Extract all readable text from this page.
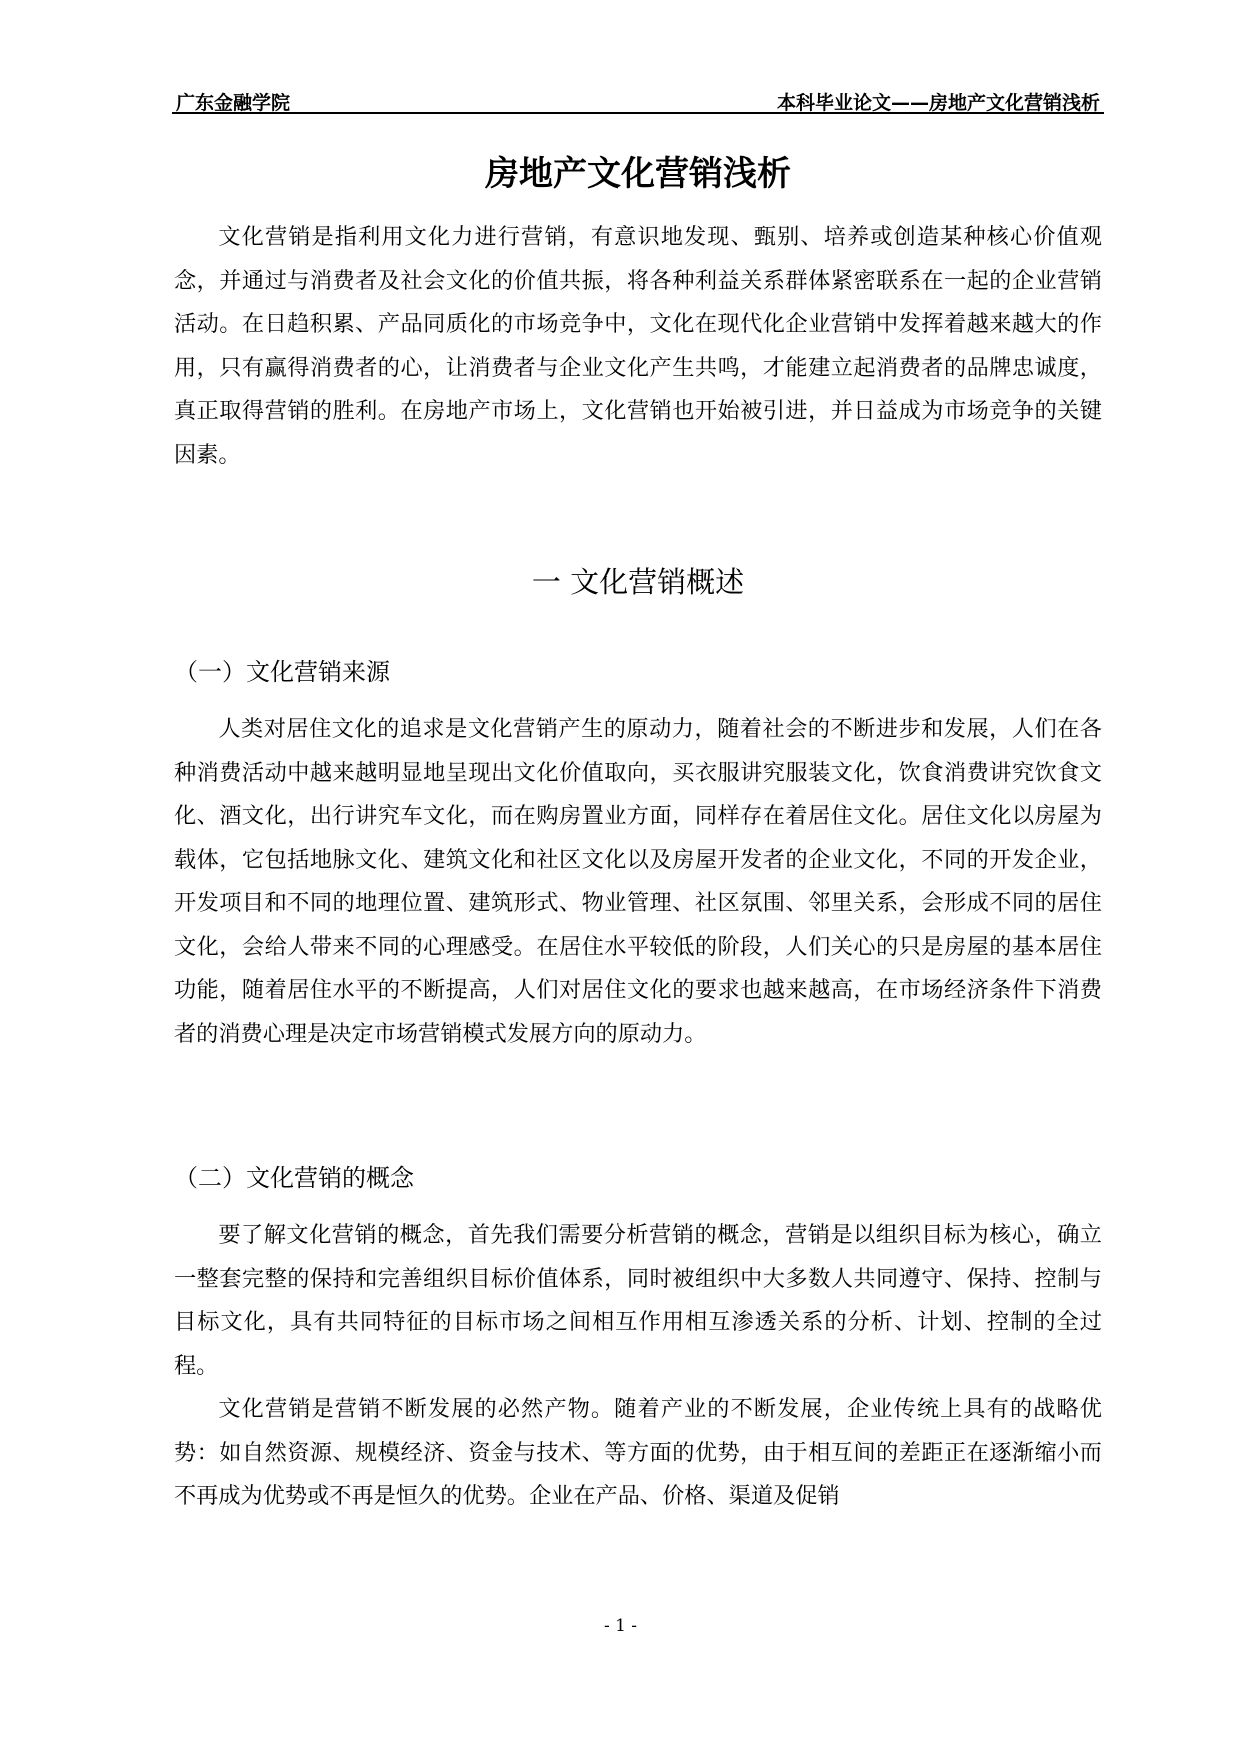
广东金融学院	本科毕业论文——房地产文化营销浅析
房地产文化营销浅析

文化营销是指利用文化力进行营销，有意识地发现、甄别、培养或创造某种核心价值观念，并通过与消费者及社会文化的价值共振，将各种利益关系群体紧密联系在一起的企业营销活动。在日趋积累、产品同质化的市场竞争中，文化在现代化企业营销中发挥着越来越大的作用，只有赢得消费者的心，让消费者与企业文化产生共鸣，才能建立起消费者的品牌忠诚度，真正取得营销的胜利。在房地产市场上，文化营销也开始被引进，并日益成为市场竞争的关键因素。

一 文化营销概述
（一）文化营销来源

人类对居住文化的追求是文化营销产生的原动力，随着社会的不断进步和发展，人们在各种消费活动中越来越明显地呈现出文化价值取向，买衣服讲究服装文化，饮食消费讲究饮食文化、酒文化，出行讲究车文化，而在购房置业方面，同样存在着居住文化。居住文化以房屋为载体，它包括地脉文化、建筑文化和社区文化以及房屋开发者的企业文化，不同的开发企业，开发项目和不同的地理位置、建筑形式、物业管理、社区氛围、邻里关系，会形成不同的居住文化，会给人带来不同的心理感受。在居住水平较低的阶段，人们关心的只是房屋的基本居住功能，随着居住水平的不断提高，人们对居住文化的要求也越来越高，在市场经济条件下消费者的消费心理是决定市场营销模式发展方向的原动力。

（二）文化营销的概念

要了解文化营销的概念，首先我们需要分析营销的概念，营销是以组织目标为核心，确立一整套完整的保持和完善组织目标价值体系，同时被组织中大多数人共同遵守、保持、控制与目标文化，具有共同特征的目标市场之间相互作用相互渗透关系的分析、计划、控制的全过程。

文化营销是营销不断发展的必然产物。随着产业的不断发展，企业传统上具有的战略优势：如自然资源、规模经济、资金与技术、等方面的优势，由于相互间的差距正在逐渐缩小而不再成为优势或不再是恒久的优势。企业在产品、价格、渠道及促销

- 1 -
